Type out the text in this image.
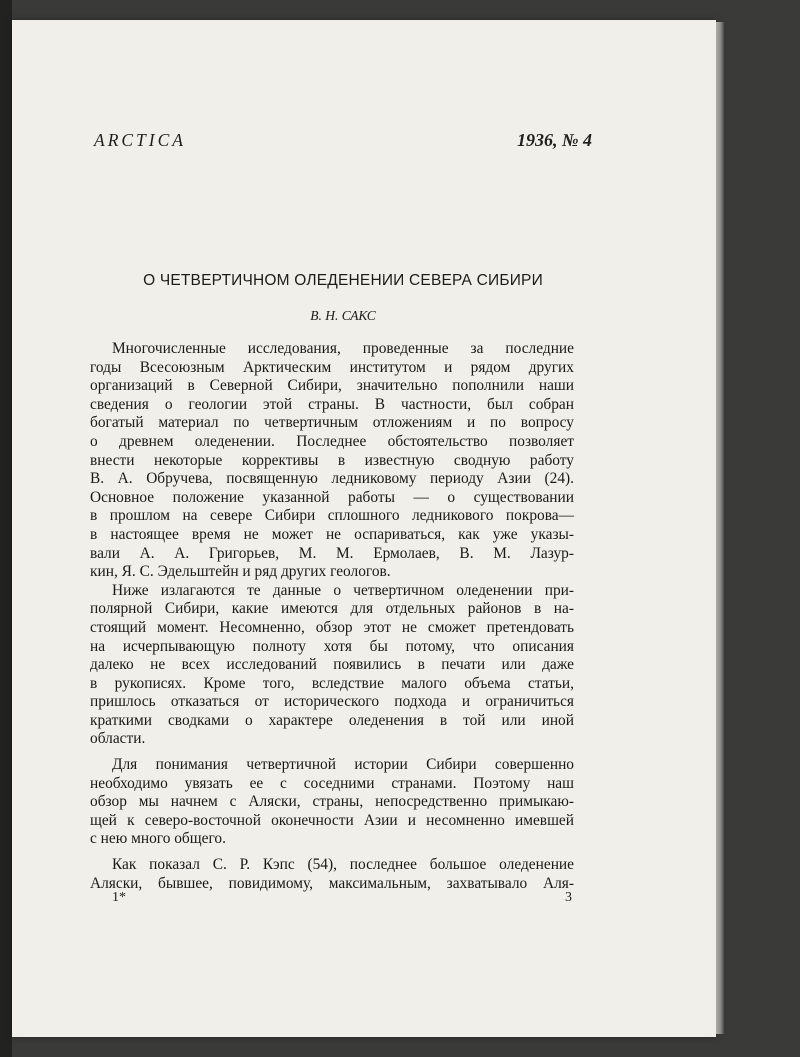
ARCTICA	1936, № 4
О ЧЕТВЕРТИЧНОМ ОЛЕДЕНЕНИИ СЕВЕРА СИБИРИ
В. Н. САКС
Многочисленные исследования, проведенные за последние
годы Всесоюзным Арктическим институтом и рядом других
организаций в Северной Сибири, значительно пополнили наши
сведения о геологии этой страны. В частности, был собран
богатый материал по четвертичным отложениям и по вопросу
о древнем оледенении. Последнее обстоятельство позволяет
внести некоторые коррективы в известную сводную работу
В. А. Обручева, посвященную ледниковому периоду Азии (24).
Основное положение указанной работы — о существовании
в прошлом на севере Сибири сплошного ледникового покрова—
в настоящее время не может не оспариваться, как уже указы-
вали А. А. Григорьев, М. М. Ермолаев, В. М. Лазур-
кин, Я. С. Эдельштейн и ряд других геологов.
Ниже излагаются те данные о четвертичном оледенении при-
полярной Сибири, какие имеются для отдельных районов в на-
стоящий момент. Несомненно, обзор этот не сможет претендовать
на исчерпывающую полноту хотя бы потому, что описания
далеко не всех исследований появились в печати или даже
в рукописях. Кроме того, вследствие малого объема статьи,
пришлось отказаться от исторического подхода и ограничиться
краткими сводками о характере оледенения в той или иной
области.
Для понимания четвертичной истории Сибири совершенно
необходимо увязать ее с соседними странами. Поэтому наш
обзор мы начнем с Аляски, страны, непосредственно примыкаю-
щей к северо-восточной оконечности Азии и несомненно имевшей
с нею много общего.
Как показал С. Р. Кэпс (54), последнее большое оледенение
Аляски, бывшее, повидимому, максимальным, захватывало Аля-
1*	3
